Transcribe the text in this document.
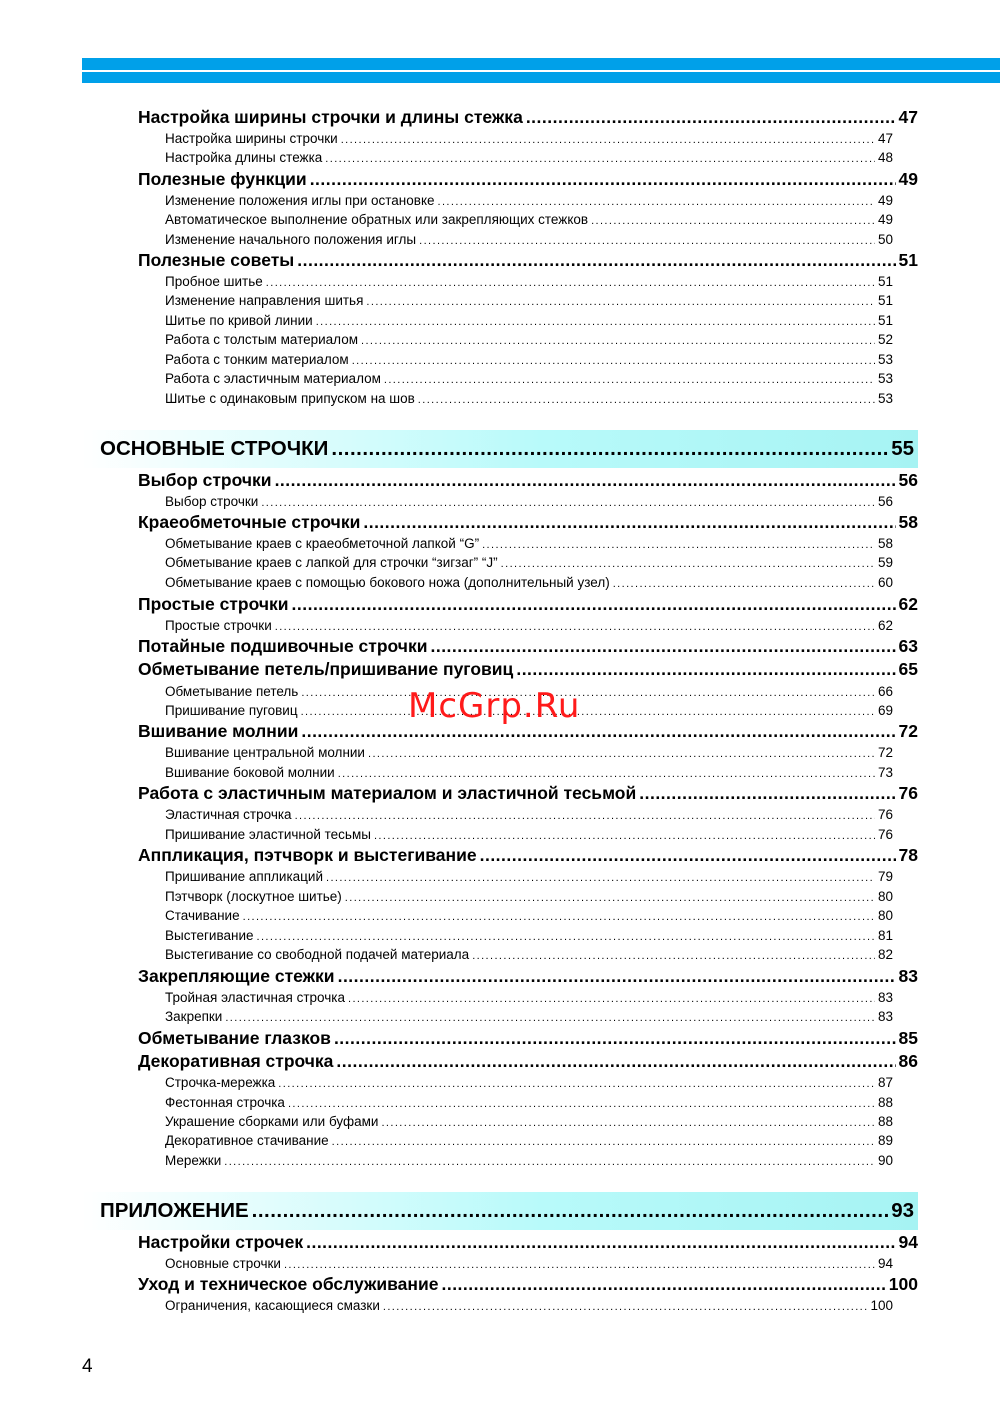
Настройка ширины строчки и длины стежка .....	47
Настройка ширины строчки .....	47
Настройка длины стежка .....	48
Полезные функции .....	49
Изменение положения иглы при остановке .....	49
Автоматическое выполнение обратных или закрепляющих стежков .....	49
Изменение начального положения иглы .....	50
Полезные советы .....	51
Пробное шитье .....	51
Изменение направления шитья .....	51
Шитье по кривой линии .....	51
Работа с толстым материалом .....	52
Работа с тонким материалом .....	53
Работа с эластичным материалом .....	53
Шитье с одинаковым припуском на шов .....	53
ОСНОВНЫЕ СТРОЧКИ .....	55
Выбор строчки .....	56
Выбор строчки .....	56
Краеобметочные строчки .....	58
Обметывание краев с краеобметочной лапкой “G” .....	58
Обметывание краев с лапкой для строчки “зигзаг” “J” .....	59
Обметывание краев с помощью бокового ножа (дополнительный узел) .....	60
Простые строчки .....	62
Простые строчки .....	62
Потайные подшивочные строчки .....	63
Обметывание петель/пришивание пуговиц .....	65
Обметывание петель .....	66
Пришивание пуговиц .....	69
Вшивание молнии .....	72
Вшивание центральной молнии .....	72
Вшивание боковой молнии .....	73
Работа с эластичным материалом и эластичной тесьмой .....	76
Эластичная строчка .....	76
Пришивание эластичной тесьмы .....	76
Аппликация, пэтчворк и выстегивание .....	78
Пришивание аппликаций .....	79
Пэтчворк (лоскутное шитье) .....	80
Стачивание .....	80
Выстегивание .....	81
Выстегивание со свободной подачей материала .....	82
Закрепляющие стежки .....	83
Тройная эластичная строчка .....	83
Закрепки .....	83
Обметывание глазков .....	85
Декоративная строчка .....	86
Строчка-мережка .....	87
Фестонная строчка .....	88
Украшение сборками или буфами .....	88
Декоративное стачивание .....	89
Мережки .....	90
ПРИЛОЖЕНИЕ .....	93
Настройки строчек .....	94
Основные строчки .....	94
Уход и техническое обслуживание .....	100
Ограничения, касающиеся смазки .....	100
McGrp.Ru
4
